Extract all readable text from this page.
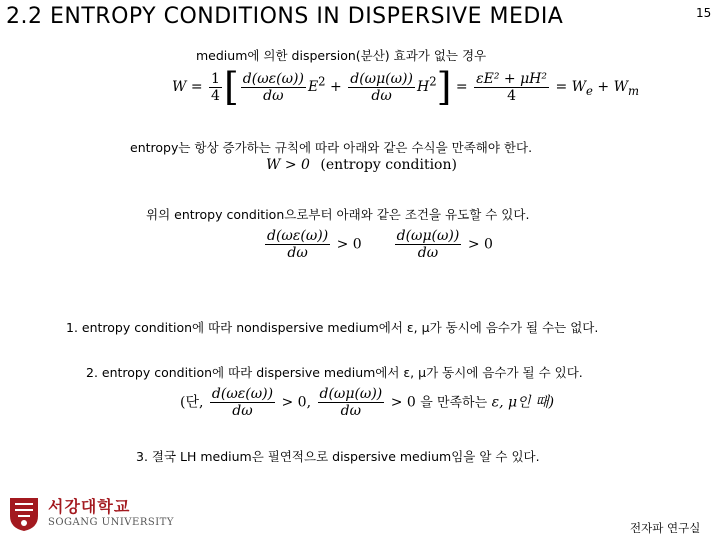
2.2 ENTROPY CONDITIONS IN DISPERSIVE MEDIA	15
medium에 의한 dispersion(분산) 효과가 없는 경우
$W = \frac{1}{4}$ [ $\frac{d(\omega\varepsilon(\omega))}{d\omega} E^2 + \frac{d(\omega\mu(\omega))}{d\omega} H^2] = \frac{\text{εE² + μH²}}{4} = W_e + W_m$
entropy는 항상 증가하는 규칙에 따라 아래와 같은 수식을 만족해야 한다.
W > 0 (entropy condition)
위의 entropy condition으로부터 아래와 같은 조건을 유도할 수 있다.
$\frac{d(\omega\varepsilon(\omega))}{d\omega} > 0 \frac{d(\omega\mu(\omega))}{d\omega} > 0$
1. entropy condition에 따라 nondispersive medium에서 ε, μ가 동시에 음수가 될 수는 없다.
2. entropy condition에 따라 dispersive medium에서 ε, μ가 동시에 음수가 될 수 있다.
(단, $\frac{d(\omega\varepsilon(\omega))}{d\omega} > 0$, $\frac{d(\omega\mu(\omega))}{d\omega} > 0$ 을 만족하는 ε, μ인 때)
3. 결국 LH medium은 필연적으로 dispersive medium임을 알 수 있다.
서강대학교
SOGANG UNIVERSITY	전자파 연구실
